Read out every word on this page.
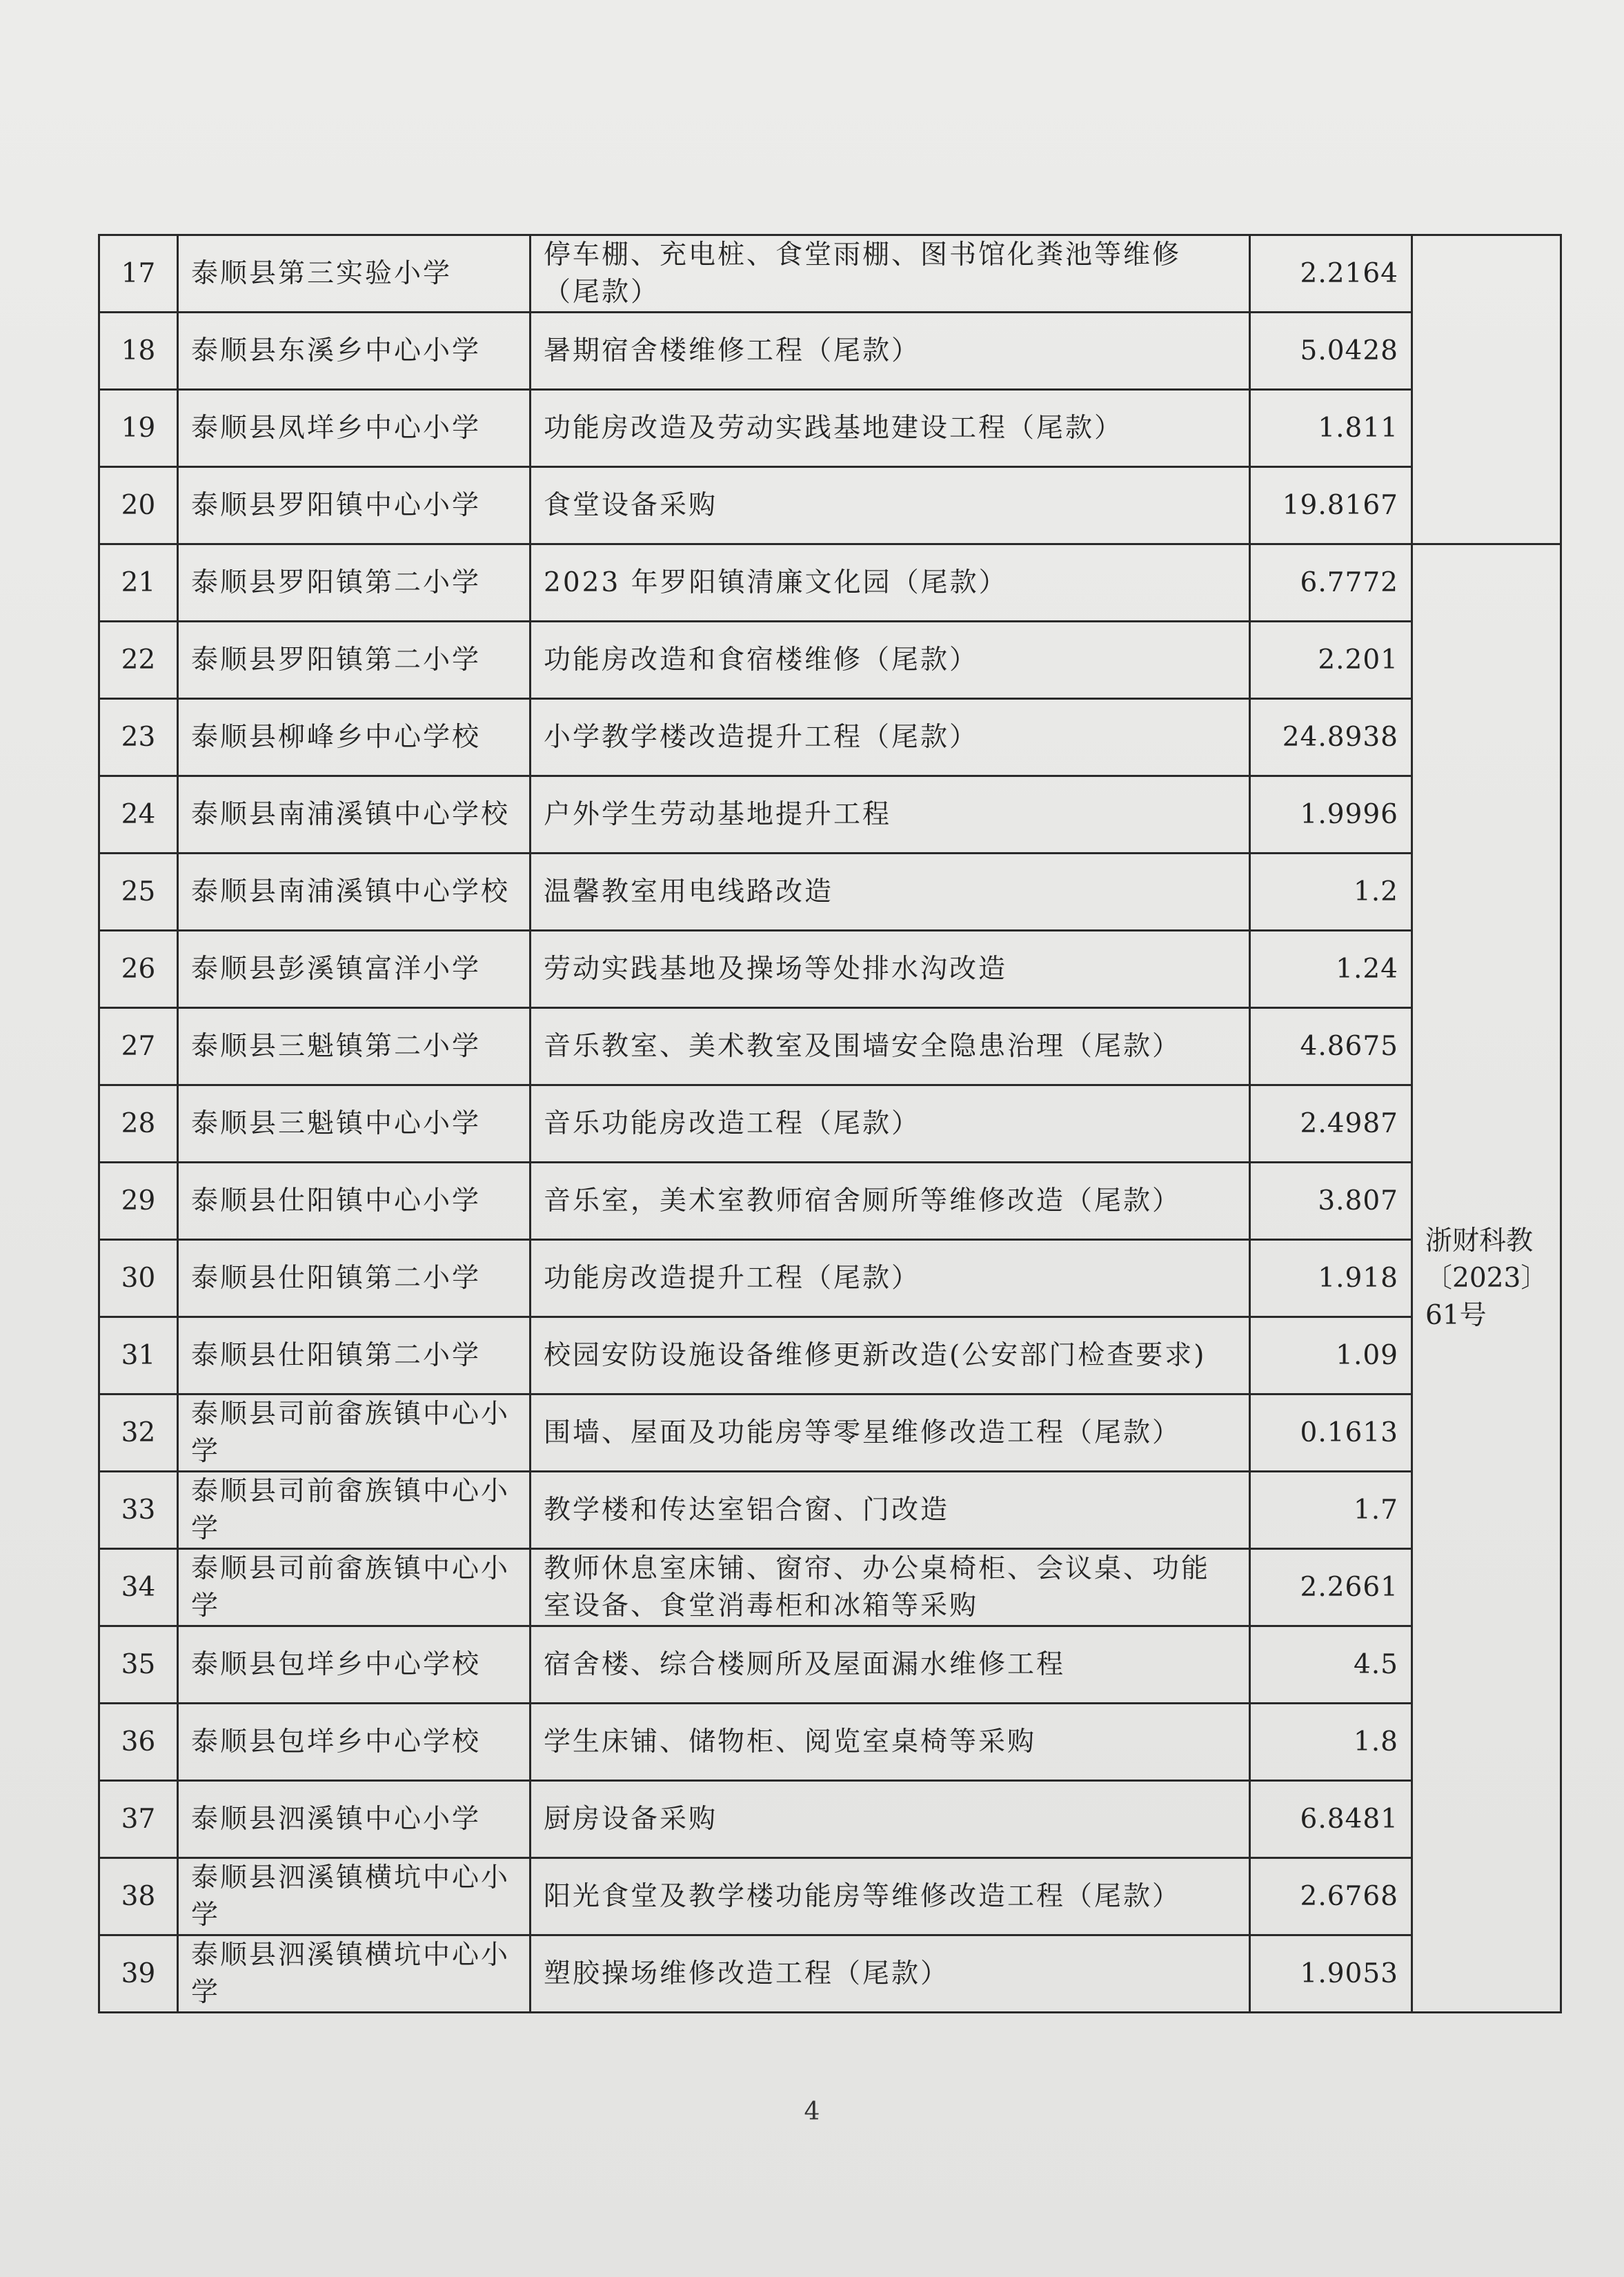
17	泰顺县第三实验小学	停车棚、充电桩、食堂雨棚、图书馆化粪池等维修（尾款）	2.2164	
18	泰顺县东溪乡中心小学	暑期宿舍楼维修工程（尾款）	5.0428	
19	泰顺县凤垟乡中心小学	功能房改造及劳动实践基地建设工程（尾款）	1.811	
20	泰顺县罗阳镇中心小学	食堂设备采购	19.8167	
21	泰顺县罗阳镇第二小学	2023 年罗阳镇清廉文化园（尾款）	6.7772	浙财科教〔2023〕61号
22	泰顺县罗阳镇第二小学	功能房改造和食宿楼维修（尾款）	2.201	
23	泰顺县柳峰乡中心学校	小学教学楼改造提升工程（尾款）	24.8938	
24	泰顺县南浦溪镇中心学校	户外学生劳动基地提升工程	1.9996	
25	泰顺县南浦溪镇中心学校	温馨教室用电线路改造	1.2	
26	泰顺县彭溪镇富洋小学	劳动实践基地及操场等处排水沟改造	1.24	
27	泰顺县三魁镇第二小学	音乐教室、美术教室及围墙安全隐患治理（尾款）	4.8675	
28	泰顺县三魁镇中心小学	音乐功能房改造工程（尾款）	2.4987	
29	泰顺县仕阳镇中心小学	音乐室，美术室教师宿舍厕所等维修改造（尾款）	3.807	
30	泰顺县仕阳镇第二小学	功能房改造提升工程（尾款）	1.918	
31	泰顺县仕阳镇第二小学	校园安防设施设备维修更新改造(公安部门检查要求)	1.09	
32	泰顺县司前畲族镇中心小学	围墙、屋面及功能房等零星维修改造工程（尾款）	0.1613	
33	泰顺县司前畲族镇中心小学	教学楼和传达室铝合窗、门改造	1.7	
34	泰顺县司前畲族镇中心小学	教师休息室床铺、窗帘、办公桌椅柜、会议桌、功能室设备、食堂消毒柜和冰箱等采购	2.2661	
35	泰顺县包垟乡中心学校	宿舍楼、综合楼厕所及屋面漏水维修工程	4.5	
36	泰顺县包垟乡中心学校	学生床铺、储物柜、阅览室桌椅等采购	1.8	
37	泰顺县泗溪镇中心小学	厨房设备采购	6.8481	
38	泰顺县泗溪镇横坑中心小学	阳光食堂及教学楼功能房等维修改造工程（尾款）	2.6768	
39	泰顺县泗溪镇横坑中心小学	塑胶操场维修改造工程（尾款）	1.9053	
4
